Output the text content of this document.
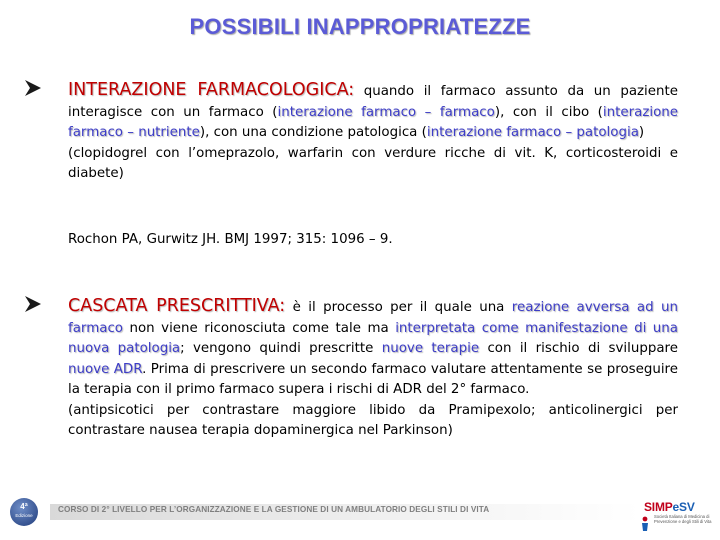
POSSIBILI INAPPROPRIATEZZE
INTERAZIONE FARMACOLOGICA: quando il farmaco assunto da un paziente interagisce con un farmaco (interazione farmaco – farmaco), con il cibo (interazione farmaco – nutriente), con una condizione patologica (interazione farmaco – patologia)
(clopidogrel con l’omeprazolo, warfarin con verdure ricche di vit. K, corticosteroidi e diabete)
Rochon PA, Gurwitz JH. BMJ 1997; 315: 1096 – 9.
CASCATA PRESCRITTIVA: è il processo per il quale una reazione avversa ad un farmaco non viene riconosciuta come tale ma interpretata come manifestazione di una nuova patologia; vengono quindi prescritte nuove terapie con il rischio di sviluppare nuove ADR. Prima di prescrivere un secondo farmaco valutare attentamente se proseguire la terapia con il primo farmaco supera i rischi di ADR del 2° farmaco.
(antipsicotici per contrastare maggiore libido da Pramipexolo; anticolinergici per contrastare nausea terapia dopaminergica nel Parkinson)
4ª
Edizione
CORSO DI 2° LIVELLO PER L’ORGANIZZAZIONE E LA GESTIONE DI UN AMBULATORIO DEGLI STILI DI VITA	SIMPeSV
Società Italiana di Medicina di Prevenzione e degli Stili di Vita
